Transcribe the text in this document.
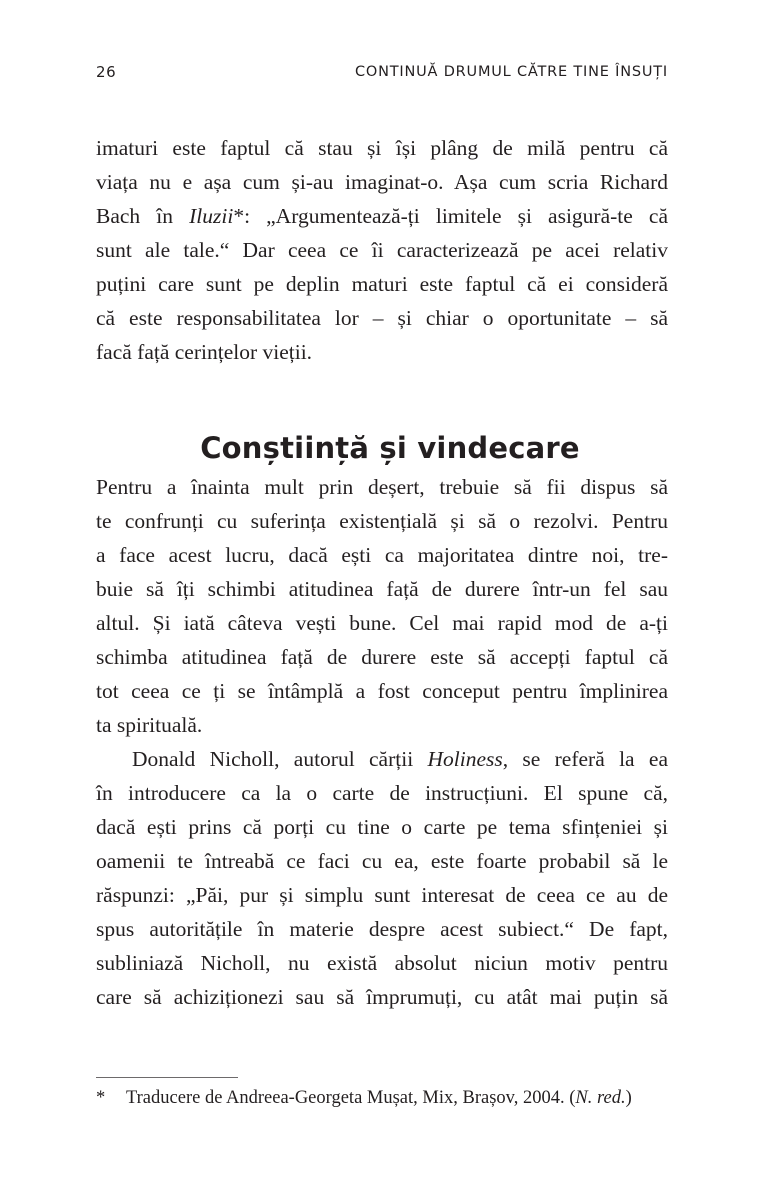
26	CONTINUĂ DRUMUL CĂTRE TINE ÎNSUȚI
imaturi este faptul că stau și își plâng de milă pentru că
viața nu e așa cum și-au imaginat-o. Așa cum scria Richard
Bach în Iluzii*: „Argumentează-ți limitele și asigură-te că
sunt ale tale.“ Dar ceea ce îi caracterizează pe acei relativ
puțini care sunt pe deplin maturi este faptul că ei consideră
că este responsabilitatea lor – și chiar o oportunitate – să
facă față cerințelor vieții.
Conștiință și vindecare
Pentru a înainta mult prin deșert, trebuie să fii dispus să
te confrunți cu suferința existențială și să o rezolvi. Pentru
a face acest lucru, dacă ești ca majoritatea dintre noi, tre-
buie să îți schimbi atitudinea față de durere într-un fel sau
altul. Și iată câteva vești bune. Cel mai rapid mod de a-ți
schimba atitudinea față de durere este să accepți faptul că
tot ceea ce ți se întâmplă a fost conceput pentru împlinirea
ta spirituală.
Donald Nicholl, autorul cărții Holiness, se referă la ea
în introducere ca la o carte de instrucțiuni. El spune că,
dacă ești prins că porți cu tine o carte pe tema sfințeniei și
oamenii te întreabă ce faci cu ea, este foarte probabil să le
răspunzi: „Păi, pur și simplu sunt interesat de ceea ce au de
spus autoritățile în materie despre acest subiect.“ De fapt,
subliniază Nicholl, nu există absolut niciun motiv pentru
care să achiziționezi sau să împrumuți, cu atât mai puțin să
*	Traducere de Andreea-Georgeta Mușat, Mix, Brașov, 2004. (N. red.)
